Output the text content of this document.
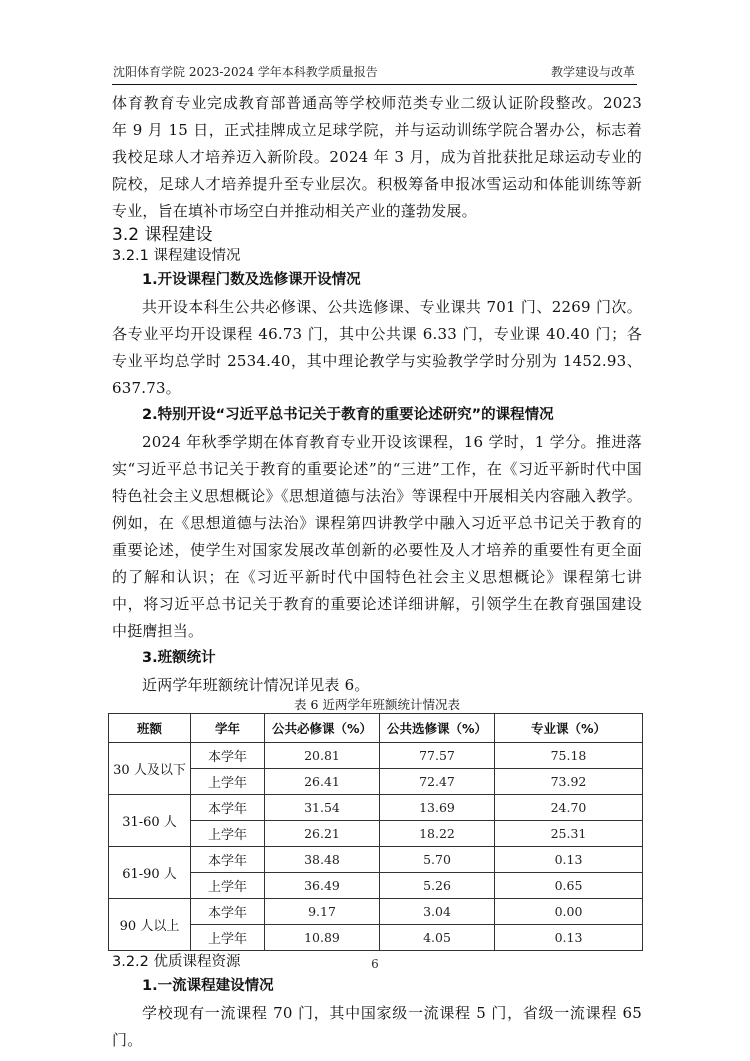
沈阳体育学院 2023-2024 学年本科教学质量报告	教学建设与改革

体育教育专业完成教育部普通高等学校师范类专业二级认证阶段整改。2023 年 9 月 15 日，正式挂牌成立足球学院，并与运动训练学院合署办公，标志着我校足球人才培养迈入新阶段。2024 年 3 月，成为首批获批足球运动专业的院校，足球人才培养提升至专业层次。积极筹备申报冰雪运动和体能训练等新专业，旨在填补市场空白并推动相关产业的蓬勃发展。

3.2 课程建设
3.2.1 课程建设情况
1.开设课程门数及选修课开设情况

共开设本科生公共必修课、公共选修课、专业课共 701 门、2269 门次。各专业平均开设课程 46.73 门，其中公共课 6.33 门，专业课 40.40 门；各专业平均总学时 2534.40，其中理论教学与实验教学学时分别为 1452.93、637.73。

2.特别开设“习近平总书记关于教育的重要论述研究”的课程情况

2024 年秋季学期在体育教育专业开设该课程，16 学时，1 学分。推进落实“习近平总书记关于教育的重要论述”的“三进”工作，在《习近平新时代中国特色社会主义思想概论》《思想道德与法治》等课程中开展相关内容融入教学。例如，在《思想道德与法治》课程第四讲教学中融入习近平总书记关于教育的重要论述，使学生对国家发展改革创新的必要性及人才培养的重要性有更全面的了解和认识；在《习近平新时代中国特色社会主义思想概论》课程第七讲中，将习近平总书记关于教育的重要论述详细讲解，引领学生在教育强国建设中挺膺担当。

3.班额统计

近两学年班额统计情况详见表 6。

表 6 近两学年班额统计情况表
班额	学年	公共必修课（%）	公共选修课（%）	专业课（%）
30 人及以下	本学年	20.81	77.57	75.18
	上学年	26.41	72.47	73.92
31-60 人	本学年	31.54	13.69	24.70
	上学年	26.21	18.22	25.31
61-90 人	本学年	38.48	5.70	0.13
	上学年	36.49	5.26	0.65
90 人以上	本学年	9.17	3.04	0.00
	上学年	10.89	4.05	0.13
3.2.2 优质课程资源
1.一流课程建设情况

学校现有一流课程 70 门，其中国家级一流课程 5 门，省级一流课程 65 门。

6
